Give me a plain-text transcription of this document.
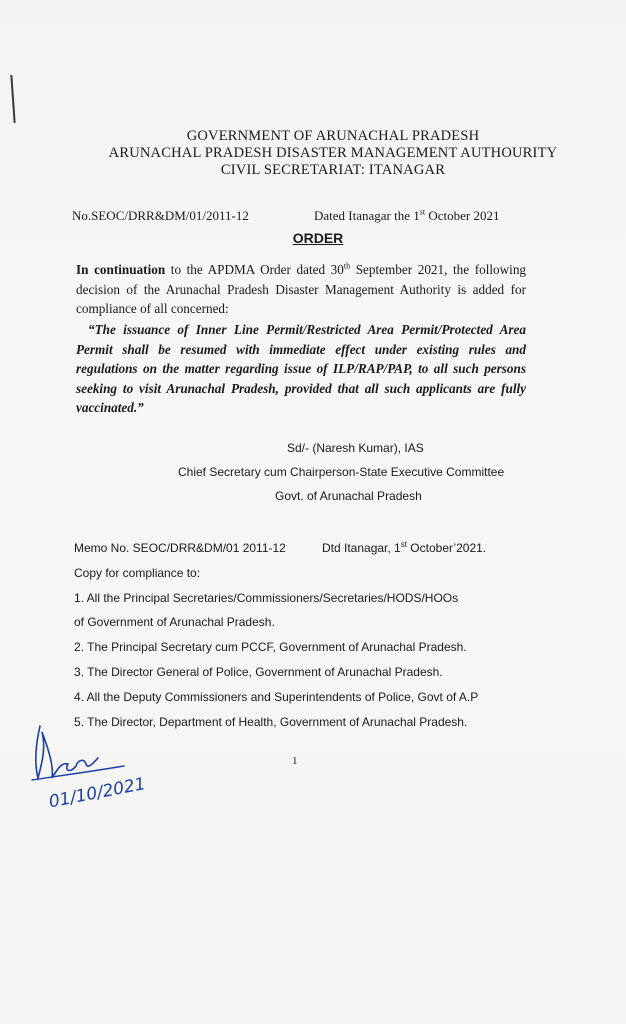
GOVERNMENT OF ARUNACHAL PRADESH
ARUNACHAL PRADESH DISASTER MANAGEMENT AUTHOURITY
CIVIL SECRETARIAT: ITANAGAR
No.SEOC/DRR&DM/01/2011-12	Dated Itanagar the 1st October 2021
ORDER
In continuation to the APDMA Order dated 30th September 2021, the following decision of the Arunachal Pradesh Disaster Management Authority is added for compliance of all concerned:
“The issuance of Inner Line Permit/Restricted Area Permit/Protected Area Permit shall be resumed with immediate effect under existing rules and regulations on the matter regarding issue of ILP/RAP/PAP, to all such persons seeking to visit Arunachal Pradesh, provided that all such applicants are fully vaccinated.”
Sd/- (Naresh Kumar), IAS
Chief Secretary cum Chairperson-State Executive Committee
Govt. of Arunachal Pradesh
Memo No. SEOC/DRR&DM/01 2011-12	Dtd Itanagar, 1st October’2021.
Copy for compliance to:
1. All the Principal Secretaries/Commissioners/Secretaries/HODS/HOOs
of Government of Arunachal Pradesh.
2. The Principal Secretary cum PCCF, Government of Arunachal Pradesh.
3. The Director General of Police, Government of Arunachal Pradesh.
4. All the Deputy Commissioners and Superintendents of Police, Govt of A.P
5. The Director, Department of Health, Government of Arunachal Pradesh.
1
01/10/2021
